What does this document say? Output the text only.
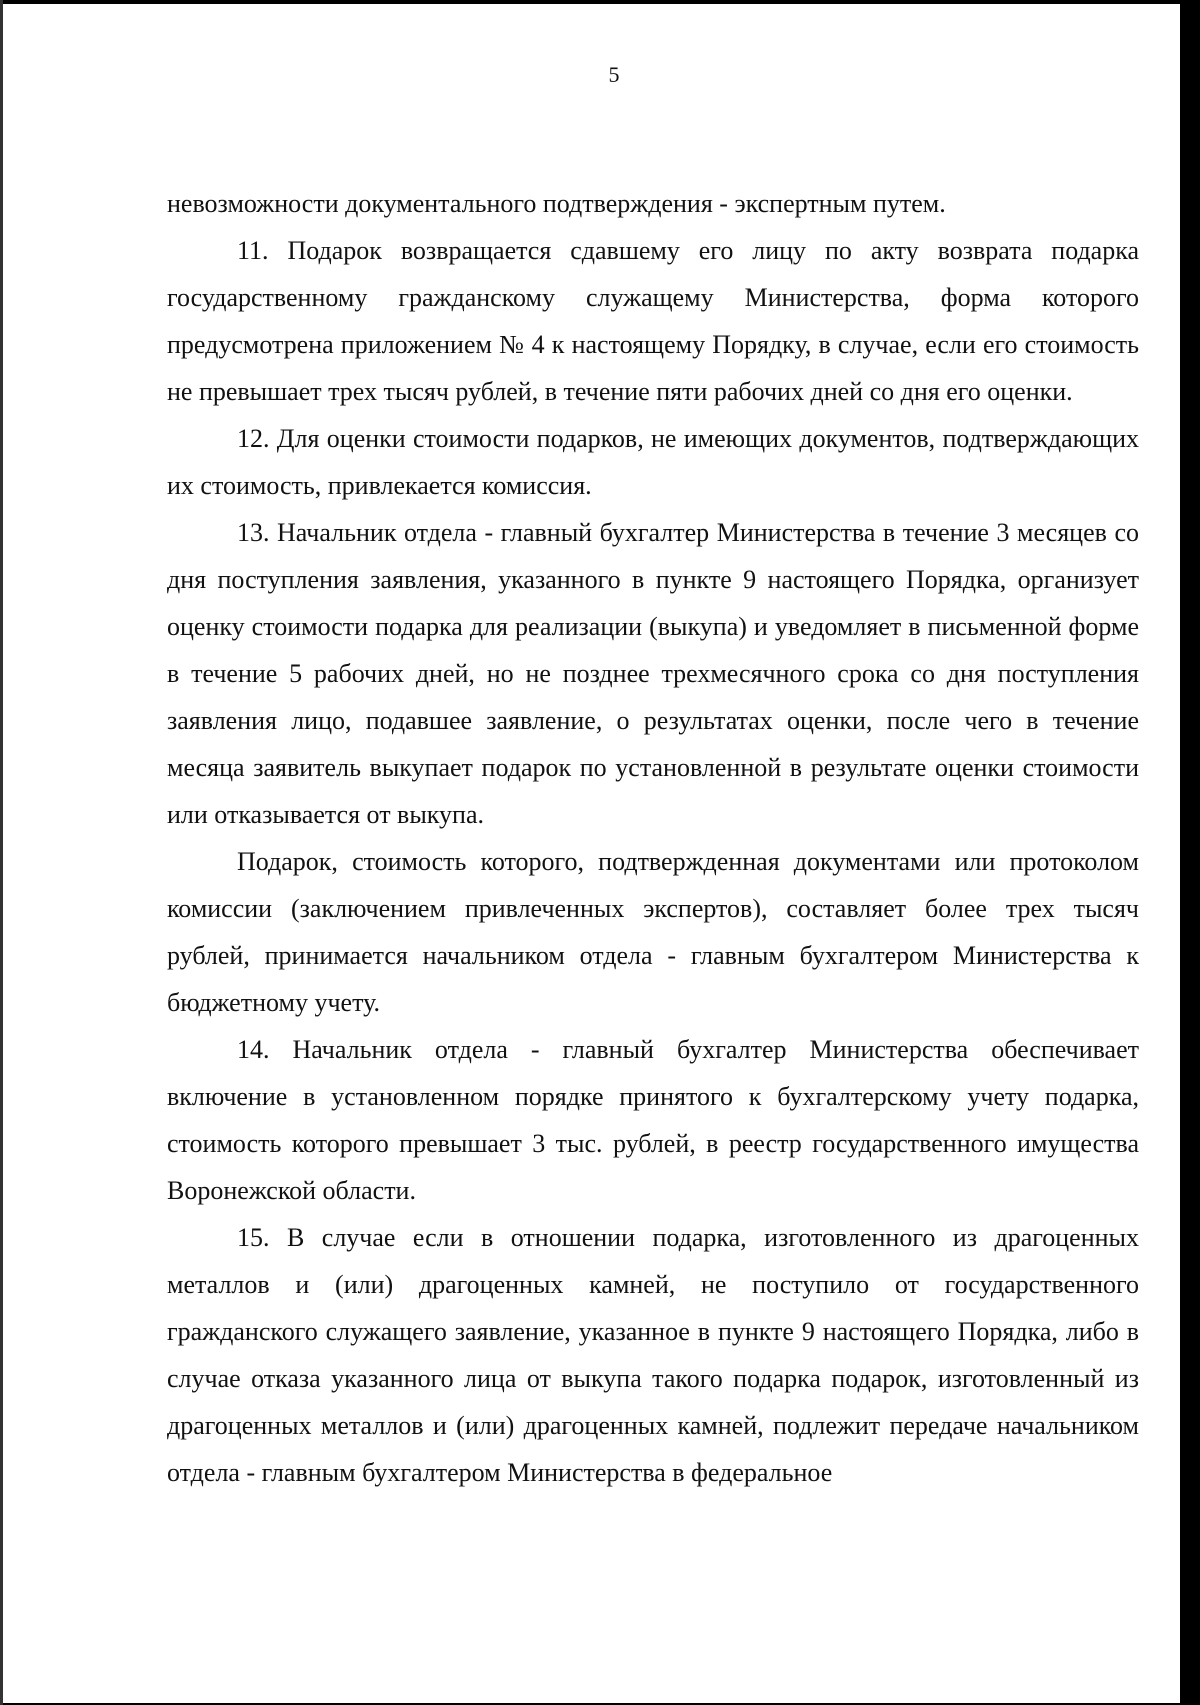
5

невозможности документального подтверждения - экспертным путем.

11. Подарок возвращается сдавшему его лицу по акту возврата подарка государственному гражданскому служащему Министерства, форма которого предусмотрена приложением № 4 к настоящему Порядку, в случае, если его стоимость не превышает трех тысяч рублей, в течение пяти рабочих дней со дня его оценки.

12. Для оценки стоимости подарков, не имеющих документов, подтверждающих их стоимость, привлекается комиссия.

13. Начальник отдела - главный бухгалтер Министерства в течение 3 месяцев со дня поступления заявления, указанного в пункте 9 настоящего Порядка, организует оценку стоимости подарка для реализации (выкупа) и уведомляет в письменной форме в течение 5 рабочих дней, но не позднее трехмесячного срока со дня поступления заявления лицо, подавшее заявление, о результатах оценки, после чего в течение месяца заявитель выкупает подарок по установленной в результате оценки стоимости или отказывается от выкупа.

Подарок, стоимость которого, подтвержденная документами или протоколом комиссии (заключением привлеченных экспертов), составляет более трех тысяч рублей, принимается начальником отдела - главным бухгалтером Министерства к бюджетному учету.

14. Начальник отдела - главный бухгалтер Министерства обеспечивает включение в установленном порядке принятого к бухгалтерскому учету подарка, стоимость которого превышает 3 тыс. рублей, в реестр государственного имущества Воронежской области.

15. В случае если в отношении подарка, изготовленного из драгоценных металлов и (или) драгоценных камней, не поступило от государственного гражданского служащего заявление, указанное в пункте 9 настоящего Порядка, либо в случае отказа указанного лица от выкупа такого подарка подарок, изготовленный из драгоценных металлов и (или) драгоценных камней, подлежит передаче начальником отдела - главным бухгалтером Министерства в федеральное
